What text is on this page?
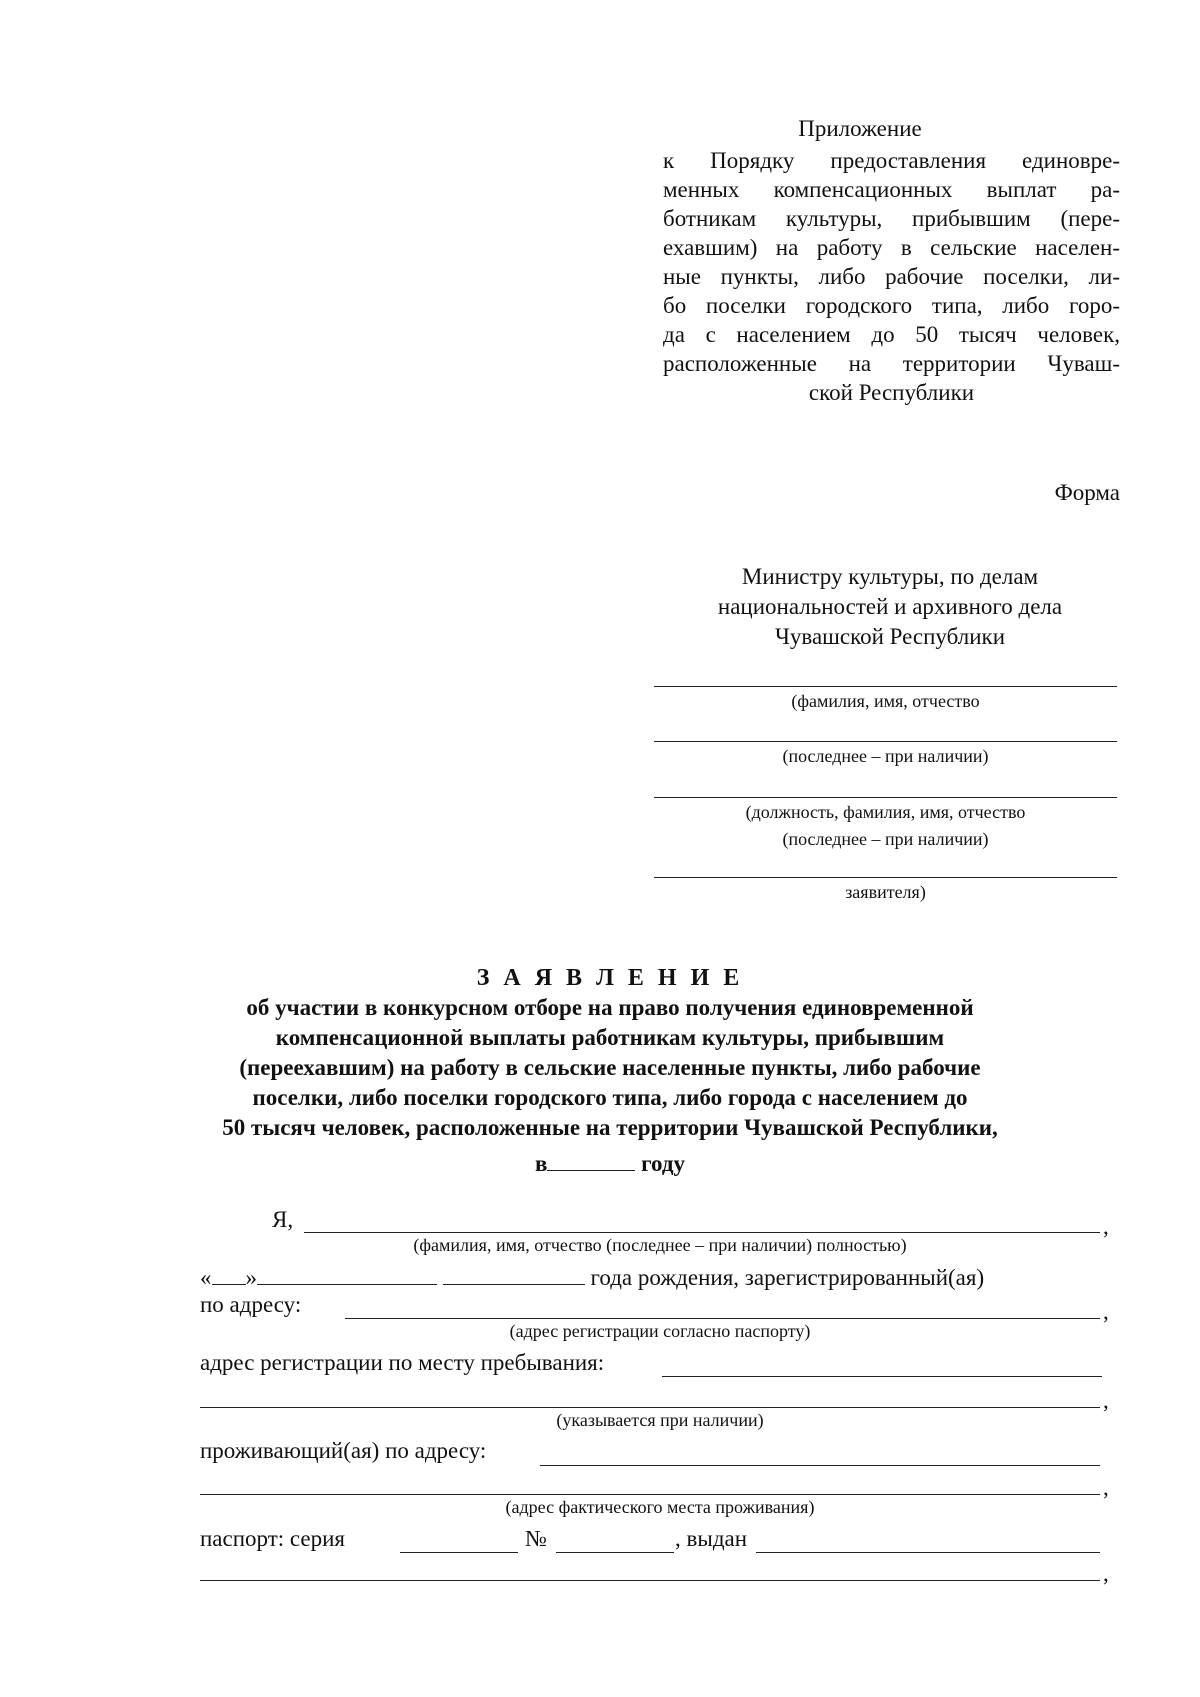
Приложение
к Порядку предоставления единовре-
менных компенсационных выплат ра-
ботникам культуры, прибывшим (пере-
ехавшим) на работу в сельские населен-
ные пункты, либо рабочие поселки, ли-
бо поселки городского типа, либо горо-
да с населением до 50 тысяч человек,
расположенные на территории Чуваш-
ской Республики
Форма
Министру культуры, по делам
национальностей и архивного дела
Чувашской Республики
(фамилия, имя, отчество
(последнее – при наличии)
(должность, фамилия, имя, отчество
(последнее – при наличии)
заявителя)
З А Я В Л Е Н И Е
об участии в конкурсном отборе на право получения единовременной
компенсационной выплаты работникам культуры, прибывшим
(переехавшим) на работу в сельские населенные пункты, либо рабочие
поселки, либо поселки городского типа, либо города с населением до
50 тысяч человек, расположенные на территории Чувашской Республики,
в	году
Я,	,
(фамилия, имя, отчество (последнее – при наличии) полностью)
« »	года рождения, зарегистрированный(ая)
по адресу:	,
(адрес регистрации согласно паспорту)
адрес регистрации по месту пребывания:
,
(указывается при наличии)
проживающий(ая) по адресу:
,
(адрес фактического места проживания)
паспорт: серия	№	, выдан
,
